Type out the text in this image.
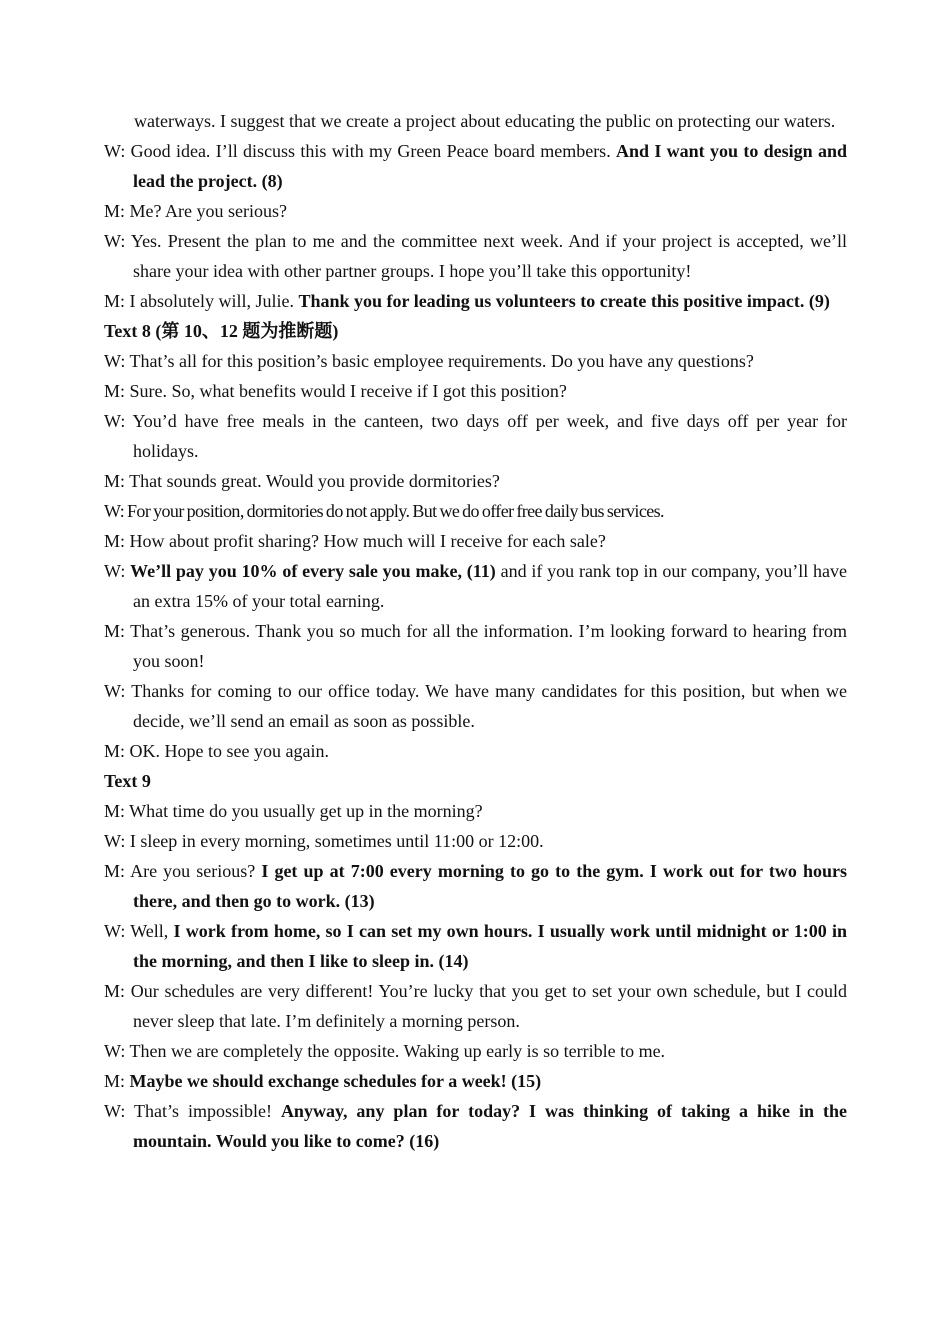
waterways. I suggest that we create a project about educating the public on protecting our waters.

W: Good idea. I’ll discuss this with my Green Peace board members. And I want you to design and lead the project. (8)

M: Me? Are you serious?

W: Yes. Present the plan to me and the committee next week. And if your project is accepted, we’ll share your idea with other partner groups. I hope you’ll take this opportunity!

M: I absolutely will, Julie. Thank you for leading us volunteers to create this positive impact. (9)

Text 8 (第 10、12 题为推断题)

W: That’s all for this position’s basic employee requirements. Do you have any questions?

M: Sure. So, what benefits would I receive if I got this position?

W: You’d have free meals in the canteen, two days off per week, and five days off per year for holidays.

M: That sounds great. Would you provide dormitories?

W: For your position, dormitories do not apply. But we do offer free daily bus services.

M: How about profit sharing? How much will I receive for each sale?

W: We’ll pay you 10% of every sale you make, (11) and if you rank top in our company, you’ll have an extra 15% of your total earning.

M: That’s generous. Thank you so much for all the information. I’m looking forward to hearing from you soon!

W: Thanks for coming to our office today. We have many candidates for this position, but when we decide, we’ll send an email as soon as possible.

M: OK. Hope to see you again.

Text 9

M: What time do you usually get up in the morning?

W: I sleep in every morning, sometimes until 11:00 or 12:00.

M: Are you serious? I get up at 7:00 every morning to go to the gym. I work out for two hours there, and then go to work. (13)

W: Well, I work from home, so I can set my own hours. I usually work until midnight or 1:00 in the morning, and then I like to sleep in. (14)

M: Our schedules are very different! You’re lucky that you get to set your own schedule, but I could never sleep that late. I’m definitely a morning person.

W: Then we are completely the opposite. Waking up early is so terrible to me.

M: Maybe we should exchange schedules for a week! (15)

W: That’s impossible! Anyway, any plan for today? I was thinking of taking a hike in the mountain. Would you like to come? (16)
